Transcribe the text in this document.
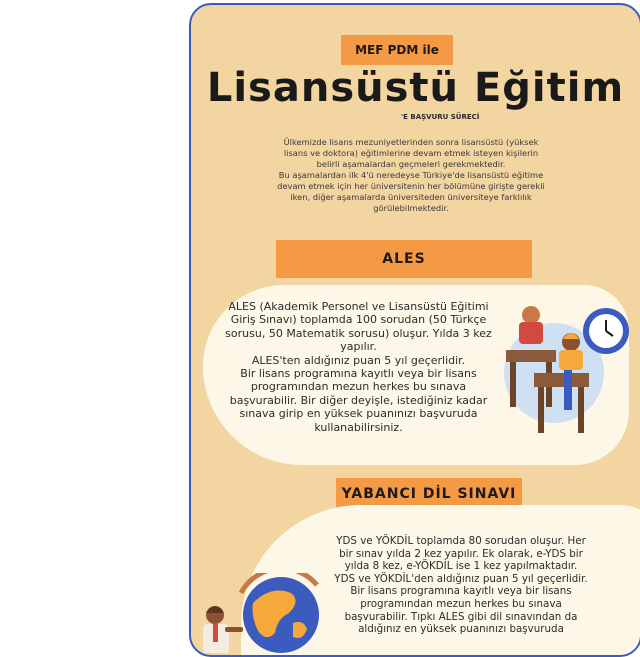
MEF PDM ile
Lisansüstü Eğitim
'E BAŞVURU SÜRECİ
Ülkemizde lisans mezuniyetlerinden sonra lisansüstü (yüksek
lisans ve doktora) eğitimlerine devam etmek isteyen kişilerin
belirli aşamalardan geçmeleri gerekmektedir.
Bu aşamalardan ilk 4'ü neredeyse Türkiye'de lisansüstü eğitime
devam etmek için her üniversitenin her bölümüne girişte gerekli
iken, diğer aşamalarda üniversiteden üniversiteye farklılık
görülebilmektedir.
ALES
ALES (Akademik Personel ve Lisansüstü Eğitimi
Giriş Sınavı) toplamda 100 sorudan (50 Türkçe
sorusu, 50 Matematik sorusu) oluşur. Yılda 3 kez
yapılır.
ALES'ten aldığınız puan 5 yıl geçerlidir.
Bir lisans programına kayıtlı veya bir lisans
programından mezun herkes bu sınava
başvurabilir. Bir diğer deyişle, istediğiniz kadar
sınava girip en yüksek puanınızı başvuruda
kullanabilirsiniz.
YABANCI DİL SINAVI
YDS ve YÖKDİL toplamda 80 sorudan oluşur. Her
bir sınav yılda 2 kez yapılır. Ek olarak, e-YDS bir
yılda 8 kez, e-YÖKDİL ise 1 kez yapılmaktadır.
YDS ve YÖKDİL'den aldığınız puan 5 yıl geçerlidir.
Bir lisans programına kayıtlı veya bir lisans
programından mezun herkes bu sınava
başvurabilir. Tıpkı ALES gibi dil sınavından da
aldığınız en yüksek puanınızı başvuruda
